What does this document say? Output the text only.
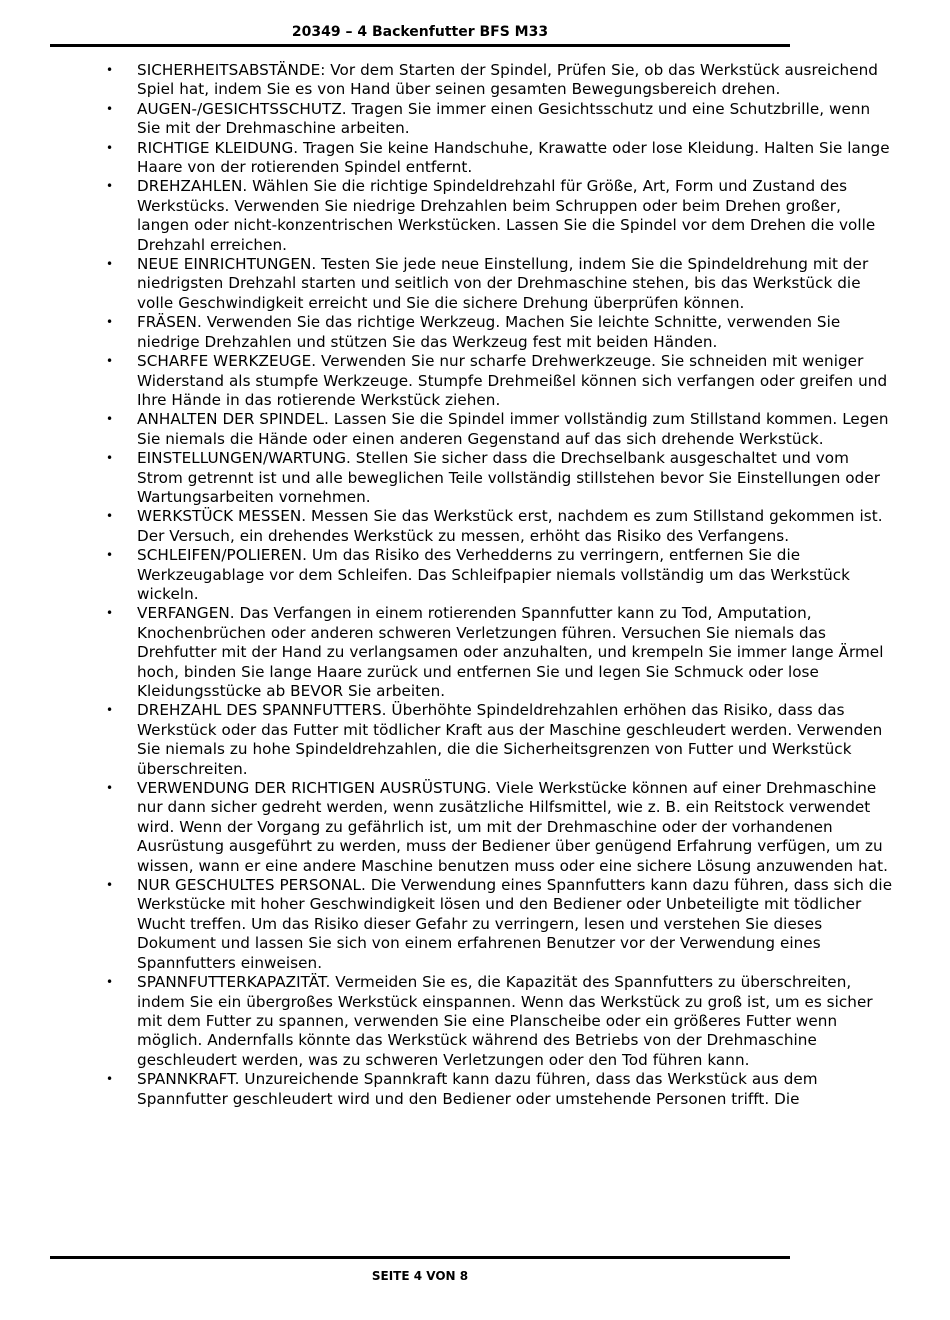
20349 – 4 Backenfutter BFS M33
• SICHERHEITSABSTÄNDE: Vor dem Starten der Spindel, Prüfen Sie, ob das Werkstück ausreichend Spiel hat, indem Sie es von Hand über seinen gesamten Bewegungsbereich drehen.
• AUGEN-/GESICHTSSCHUTZ. Tragen Sie immer einen Gesichtsschutz und eine Schutzbrille, wenn Sie mit der Drehmaschine arbeiten.
• RICHTIGE KLEIDUNG. Tragen Sie keine Handschuhe, Krawatte oder lose Kleidung. Halten Sie lange Haare von der rotierenden Spindel entfernt.
• DREHZAHLEN. Wählen Sie die richtige Spindeldrehzahl für Größe, Art, Form und Zustand des Werkstücks. Verwenden Sie niedrige Drehzahlen beim Schruppen oder beim Drehen großer, langen oder nicht-konzentrischen Werkstücken. Lassen Sie die Spindel vor dem Drehen die volle Drehzahl erreichen.
• NEUE EINRICHTUNGEN. Testen Sie jede neue Einstellung, indem Sie die Spindeldrehung mit der niedrigsten Drehzahl starten und seitlich von der Drehmaschine stehen, bis das Werkstück die volle Geschwindigkeit erreicht und Sie die sichere Drehung überprüfen können.
• FRÄSEN. Verwenden Sie das richtige Werkzeug. Machen Sie leichte Schnitte, verwenden Sie niedrige Drehzahlen und stützen Sie das Werkzeug fest mit beiden Händen.
• SCHARFE WERKZEUGE. Verwenden Sie nur scharfe Drehwerkzeuge. Sie schneiden mit weniger Widerstand als stumpfe Werkzeuge. Stumpfe Drehmeißel können sich verfangen oder greifen und Ihre Hände in das rotierende Werkstück ziehen.
• ANHALTEN DER SPINDEL. Lassen Sie die Spindel immer vollständig zum Stillstand kommen. Legen Sie niemals die Hände oder einen anderen Gegenstand auf das sich drehende Werkstück.
• EINSTELLUNGEN/WARTUNG. Stellen Sie sicher dass die Drechselbank ausgeschaltet und vom Strom getrennt ist und alle beweglichen Teile vollständig stillstehen bevor Sie Einstellungen oder Wartungsarbeiten vornehmen.
• WERKSTÜCK MESSEN. Messen Sie das Werkstück erst, nachdem es zum Stillstand gekommen ist. Der Versuch, ein drehendes Werkstück zu messen, erhöht das Risiko des Verfangens.
• SCHLEIFEN/POLIEREN. Um das Risiko des Verhedderns zu verringern, entfernen Sie die Werkzeugablage vor dem Schleifen. Das Schleifpapier niemals vollständig um das Werkstück wickeln.
• VERFANGEN. Das Verfangen in einem rotierenden Spannfutter kann zu Tod, Amputation, Knochenbrüchen oder anderen schweren Verletzungen führen. Versuchen Sie niemals das Drehfutter mit der Hand zu verlangsamen oder anzuhalten, und krempeln Sie immer lange Ärmel hoch, binden Sie lange Haare zurück und entfernen Sie und legen Sie Schmuck oder lose Kleidungsstücke ab BEVOR Sie arbeiten.
• DREHZAHL DES SPANNFUTTERS. Überhöhte Spindeldrehzahlen erhöhen das Risiko, dass das Werkstück oder das Futter mit tödlicher Kraft aus der Maschine geschleudert werden. Verwenden Sie niemals zu hohe Spindeldrehzahlen, die die Sicherheitsgrenzen von Futter und Werkstück überschreiten.
• VERWENDUNG DER RICHTIGEN AUSRÜSTUNG. Viele Werkstücke können auf einer Drehmaschine nur dann sicher gedreht werden, wenn zusätzliche Hilfsmittel, wie z. B. ein Reitstock verwendet wird. Wenn der Vorgang zu gefährlich ist, um mit der Drehmaschine oder der vorhandenen Ausrüstung ausgeführt zu werden, muss der Bediener über genügend Erfahrung verfügen, um zu wissen, wann er eine andere Maschine benutzen muss oder eine sichere Lösung anzuwenden hat.
• NUR GESCHULTES PERSONAL. Die Verwendung eines Spannfutters kann dazu führen, dass sich die Werkstücke mit hoher Geschwindigkeit lösen und den Bediener oder Unbeteiligte mit tödlicher Wucht treffen. Um das Risiko dieser Gefahr zu verringern, lesen und verstehen Sie dieses Dokument und lassen Sie sich von einem erfahrenen Benutzer vor der Verwendung eines Spannfutters einweisen.
• SPANNFUTTERKAPAZITÄT. Vermeiden Sie es, die Kapazität des Spannfutters zu überschreiten, indem Sie ein übergroßes Werkstück einspannen. Wenn das Werkstück zu groß ist, um es sicher mit dem Futter zu spannen, verwenden Sie eine Planscheibe oder ein größeres Futter wenn möglich. Andernfalls könnte das Werkstück während des Betriebs von der Drehmaschine geschleudert werden, was zu schweren Verletzungen oder den Tod führen kann.
• SPANNKRAFT. Unzureichende Spannkraft kann dazu führen, dass das Werkstück aus dem Spannfutter geschleudert wird und den Bediener oder umstehende Personen trifft. Die

SEITE 4 VON 8
